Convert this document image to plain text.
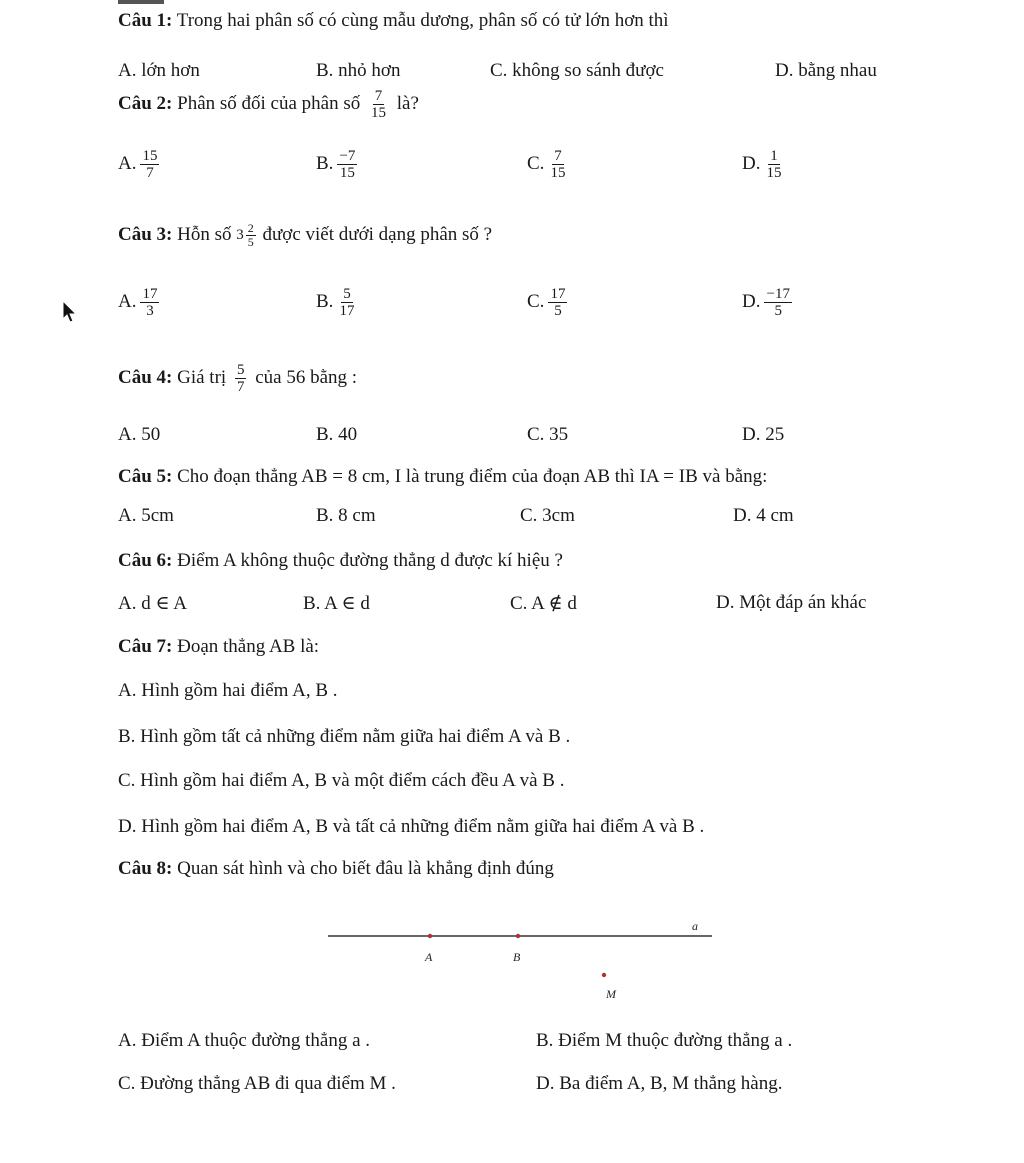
Câu 1: Trong hai phân số có cùng mẫu dương, phân số có tử lớn hơn thì
A. lớn hơn	B. nhỏ hơn	C. không so sánh được	D. bằng nhau
Câu 2: Phân số đối của phân số $\frac{7}{15}$ là?
A. $\frac{15}{7}$	B. $\frac{-7}{15}$	C. $\frac{7}{15}$	D. $\frac{1}{15}$
Câu 3: Hỗn số $3 \frac{2}{5}$ được viết dưới dạng phân số ?
A. $\frac{17}{3}$	B. $\frac{5}{17}$	C. $\frac{17}{5}$	D. $\frac{-17}{5}$
Câu 4: Giá trị $\frac{5}{7}$ của 56 bằng :
A. 50	B. 40	C. 35	D. 25
Câu 5: Cho đoạn thẳng AB = 8 cm, I là trung điểm của đoạn AB thì IA = IB và bằng:
A. 5cm	B. 8 cm	C. 3cm	D. 4 cm
Câu 6: Điểm A không thuộc đường thẳng d được kí hiệu ?
A. d ∈ A	B. A ∈ d	C. A ∉ d	D. Một đáp án khác
Câu 7: Đoạn thẳng AB là:
A. Hình gồm hai điểm A, B .
B. Hình gồm tất cả những điểm nằm giữa hai điểm A và B .
C. Hình gồm hai điểm A, B và một điểm cách đều A và B .
D. Hình gồm hai điểm A, B và tất cả những điểm nằm giữa hai điểm A và B .
Câu 8: Quan sát hình và cho biết đâu là khẳng định đúng
a
A	B
M
A. Điểm A thuộc đường thẳng a .	B. Điểm M thuộc đường thẳng a .
C. Đường thẳng AB đi qua điểm M .	D. Ba điểm A, B, M thẳng hàng.
